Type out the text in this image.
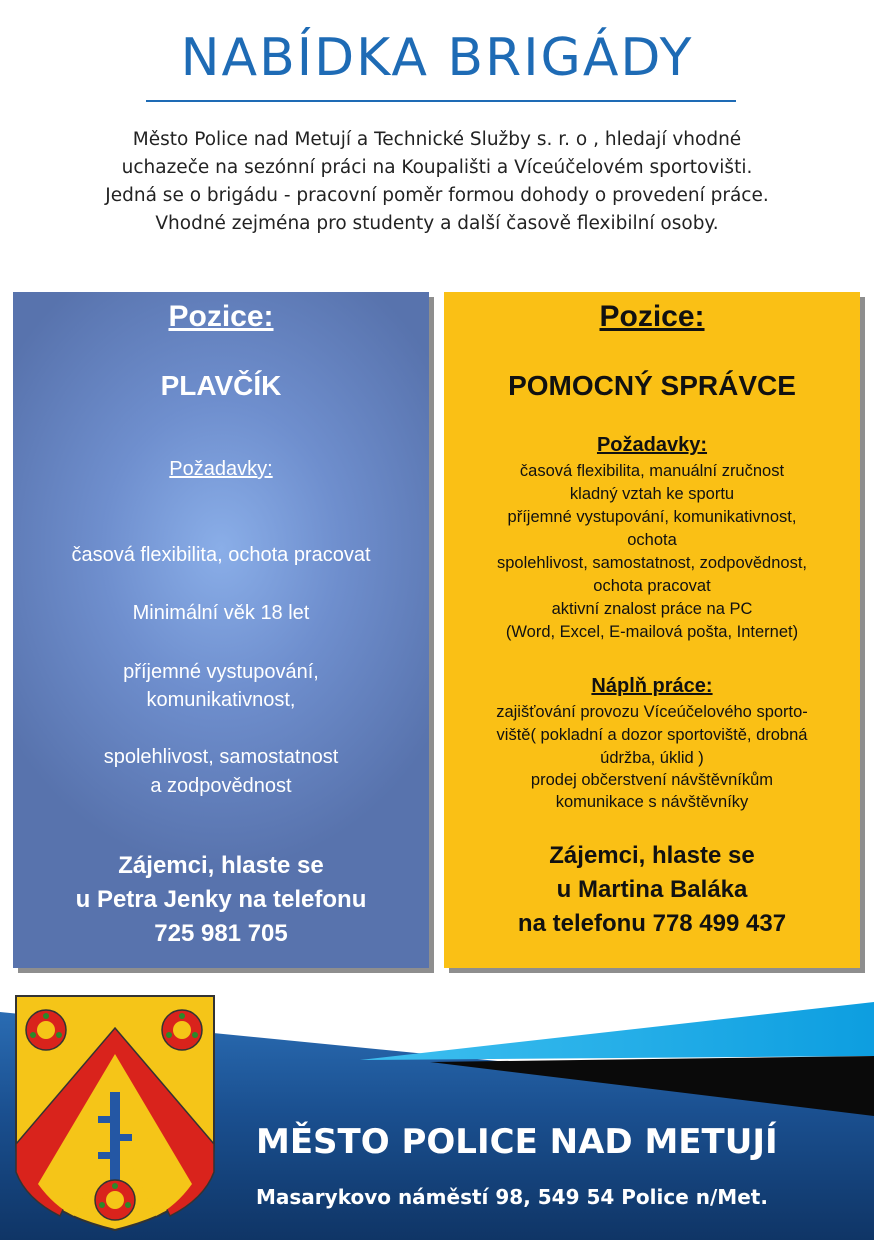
NABÍDKA BRIGÁDY
Město Police nad Metují a Technické Služby s. r. o , hledají vhodné
uchazeče na sezónní práci na Koupališti a Víceúčelovém sportovišti.
Jedná se o brigádu - pracovní poměr formou dohody o provedení práce.
Vhodné zejména pro studenty a další časově flexibilní osoby.
Pozice:
PLAVČÍK
Požadavky:
časová flexibilita, ochota pracovat
Minimální věk 18 let
příjemné vystupování,
komunikativnost,
spolehlivost, samostatnost
a zodpovědnost
Zájemci, hlaste se
u Petra Jenky na telefonu
725 981 705
Pozice:
POMOCNÝ SPRÁVCE
Požadavky:
časová flexibilita, manuální zručnost
kladný vztah ke sportu
příjemné vystupování, komunikativnost,
ochota
spolehlivost, samostatnost, zodpovědnost,
ochota pracovat
aktivní znalost práce na PC
(Word, Excel, E-mailová pošta, Internet)
Náplň práce:
zajišťování provozu Víceúčelového sporto-
viště( pokladní a dozor sportoviště, drobná
údržba, úklid )
prodej občerstvení návštěvníkům
komunikace s návštěvníky
Zájemci, hlaste se
u Martina Baláka
na telefonu 778 499 437
MĚSTO POLICE NAD METUJÍ
Masarykovo náměstí 98, 549 54 Police n/Met.
